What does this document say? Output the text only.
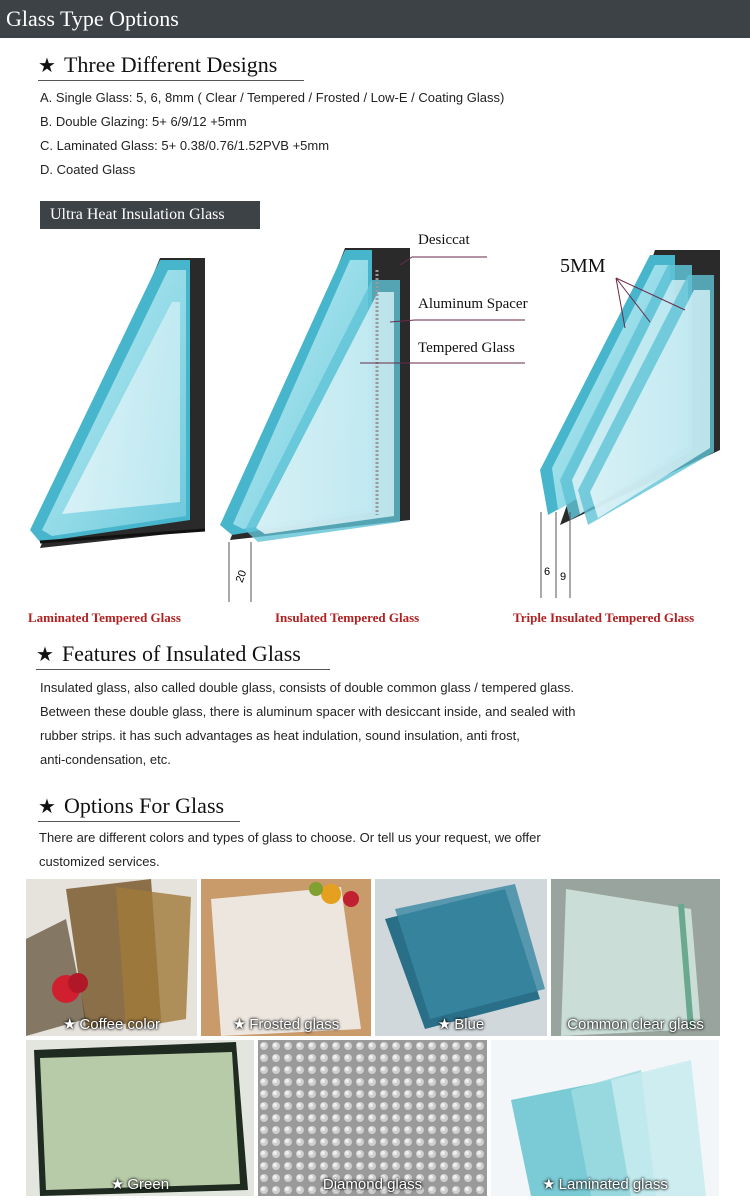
Glass Type Options
★ Three Different Designs
A. Single Glass: 5, 6, 8mm ( Clear / Tempered / Frosted / Low-E / Coating Glass)
B. Double Glazing: 5+ 6/9/12 +5mm
C. Laminated Glass: 5+ 0.38/0.76/1.52PVB +5mm
D. Coated Glass
Ultra Heat Insulation Glass
20	6 9
Desiccat
Aluminum Spacer
Tempered Glass
5MM
Laminated Tempered Glass	Insulated Tempered Glass	Triple Insulated Tempered Glass
★ Features of Insulated Glass
Insulated glass, also called double glass, consists of double common glass / tempered glass.
Between these double glass, there is aluminum spacer with desiccant inside, and sealed with
rubber strips. it has such advantages as heat indulation, sound insulation, anti frost,
anti-condensation, etc.
★ Options For Glass
There are different colors and types of glass to choose. Or tell us your request, we offer
customized services.
★ Coffee color	★ Frosted glass	★ Blue	Common clear glass
★ Green	Diamond glass	★ Laminated glass
